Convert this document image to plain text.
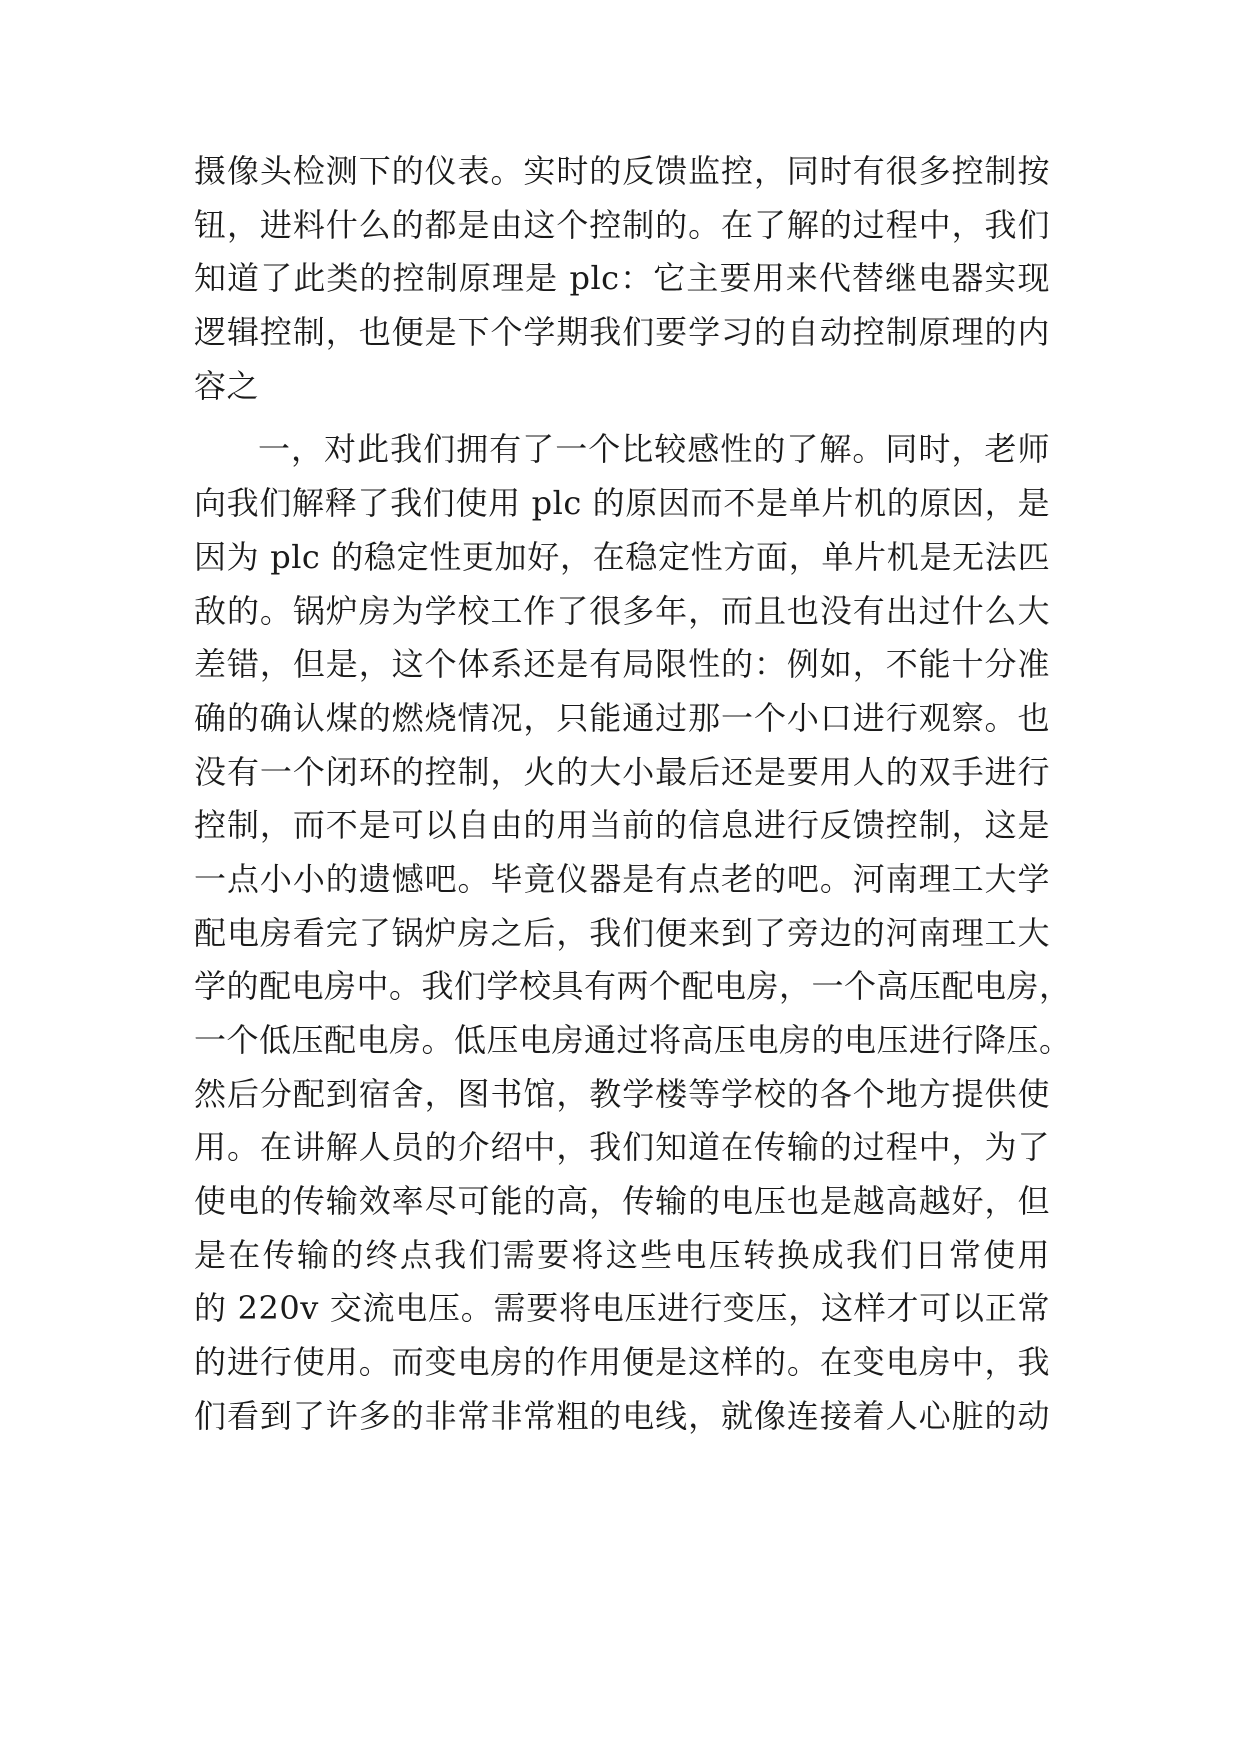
摄像头检测下的仪表。实时的反馈监控，同时有很多控制按
钮，进料什么的都是由这个控制的。在了解的过程中，我们
知道了此类的控制原理是 plc：它主要用来代替继电器实现
逻辑控制，也便是下个学期我们要学习的自动控制原理的内
容之
一，对此我们拥有了一个比较感性的了解。同时，老师
向我们解释了我们使用 plc 的原因而不是单片机的原因，是
因为 plc 的稳定性更加好，在稳定性方面，单片机是无法匹
敌的。锅炉房为学校工作了很多年，而且也没有出过什么大
差错，但是，这个体系还是有局限性的：例如，不能十分准
确的确认煤的燃烧情况，只能通过那一个小口进行观察。也
没有一个闭环的控制，火的大小最后还是要用人的双手进行
控制，而不是可以自由的用当前的信息进行反馈控制，这是
一点小小的遗憾吧。毕竟仪器是有点老的吧。河南理工大学
配电房看完了锅炉房之后，我们便来到了旁边的河南理工大
学的配电房中。我们学校具有两个配电房，一个高压配电房，
一个低压配电房。低压电房通过将高压电房的电压进行降压。
然后分配到宿舍，图书馆，教学楼等学校的各个地方提供使
用。在讲解人员的介绍中，我们知道在传输的过程中，为了
使电的传输效率尽可能的高，传输的电压也是越高越好，但
是在传输的终点我们需要将这些电压转换成我们日常使用
的 220v 交流电压。需要将电压进行变压，这样才可以正常
的进行使用。而变电房的作用便是这样的。在变电房中，我
们看到了许多的非常非常粗的电线，就像连接着人心脏的动
